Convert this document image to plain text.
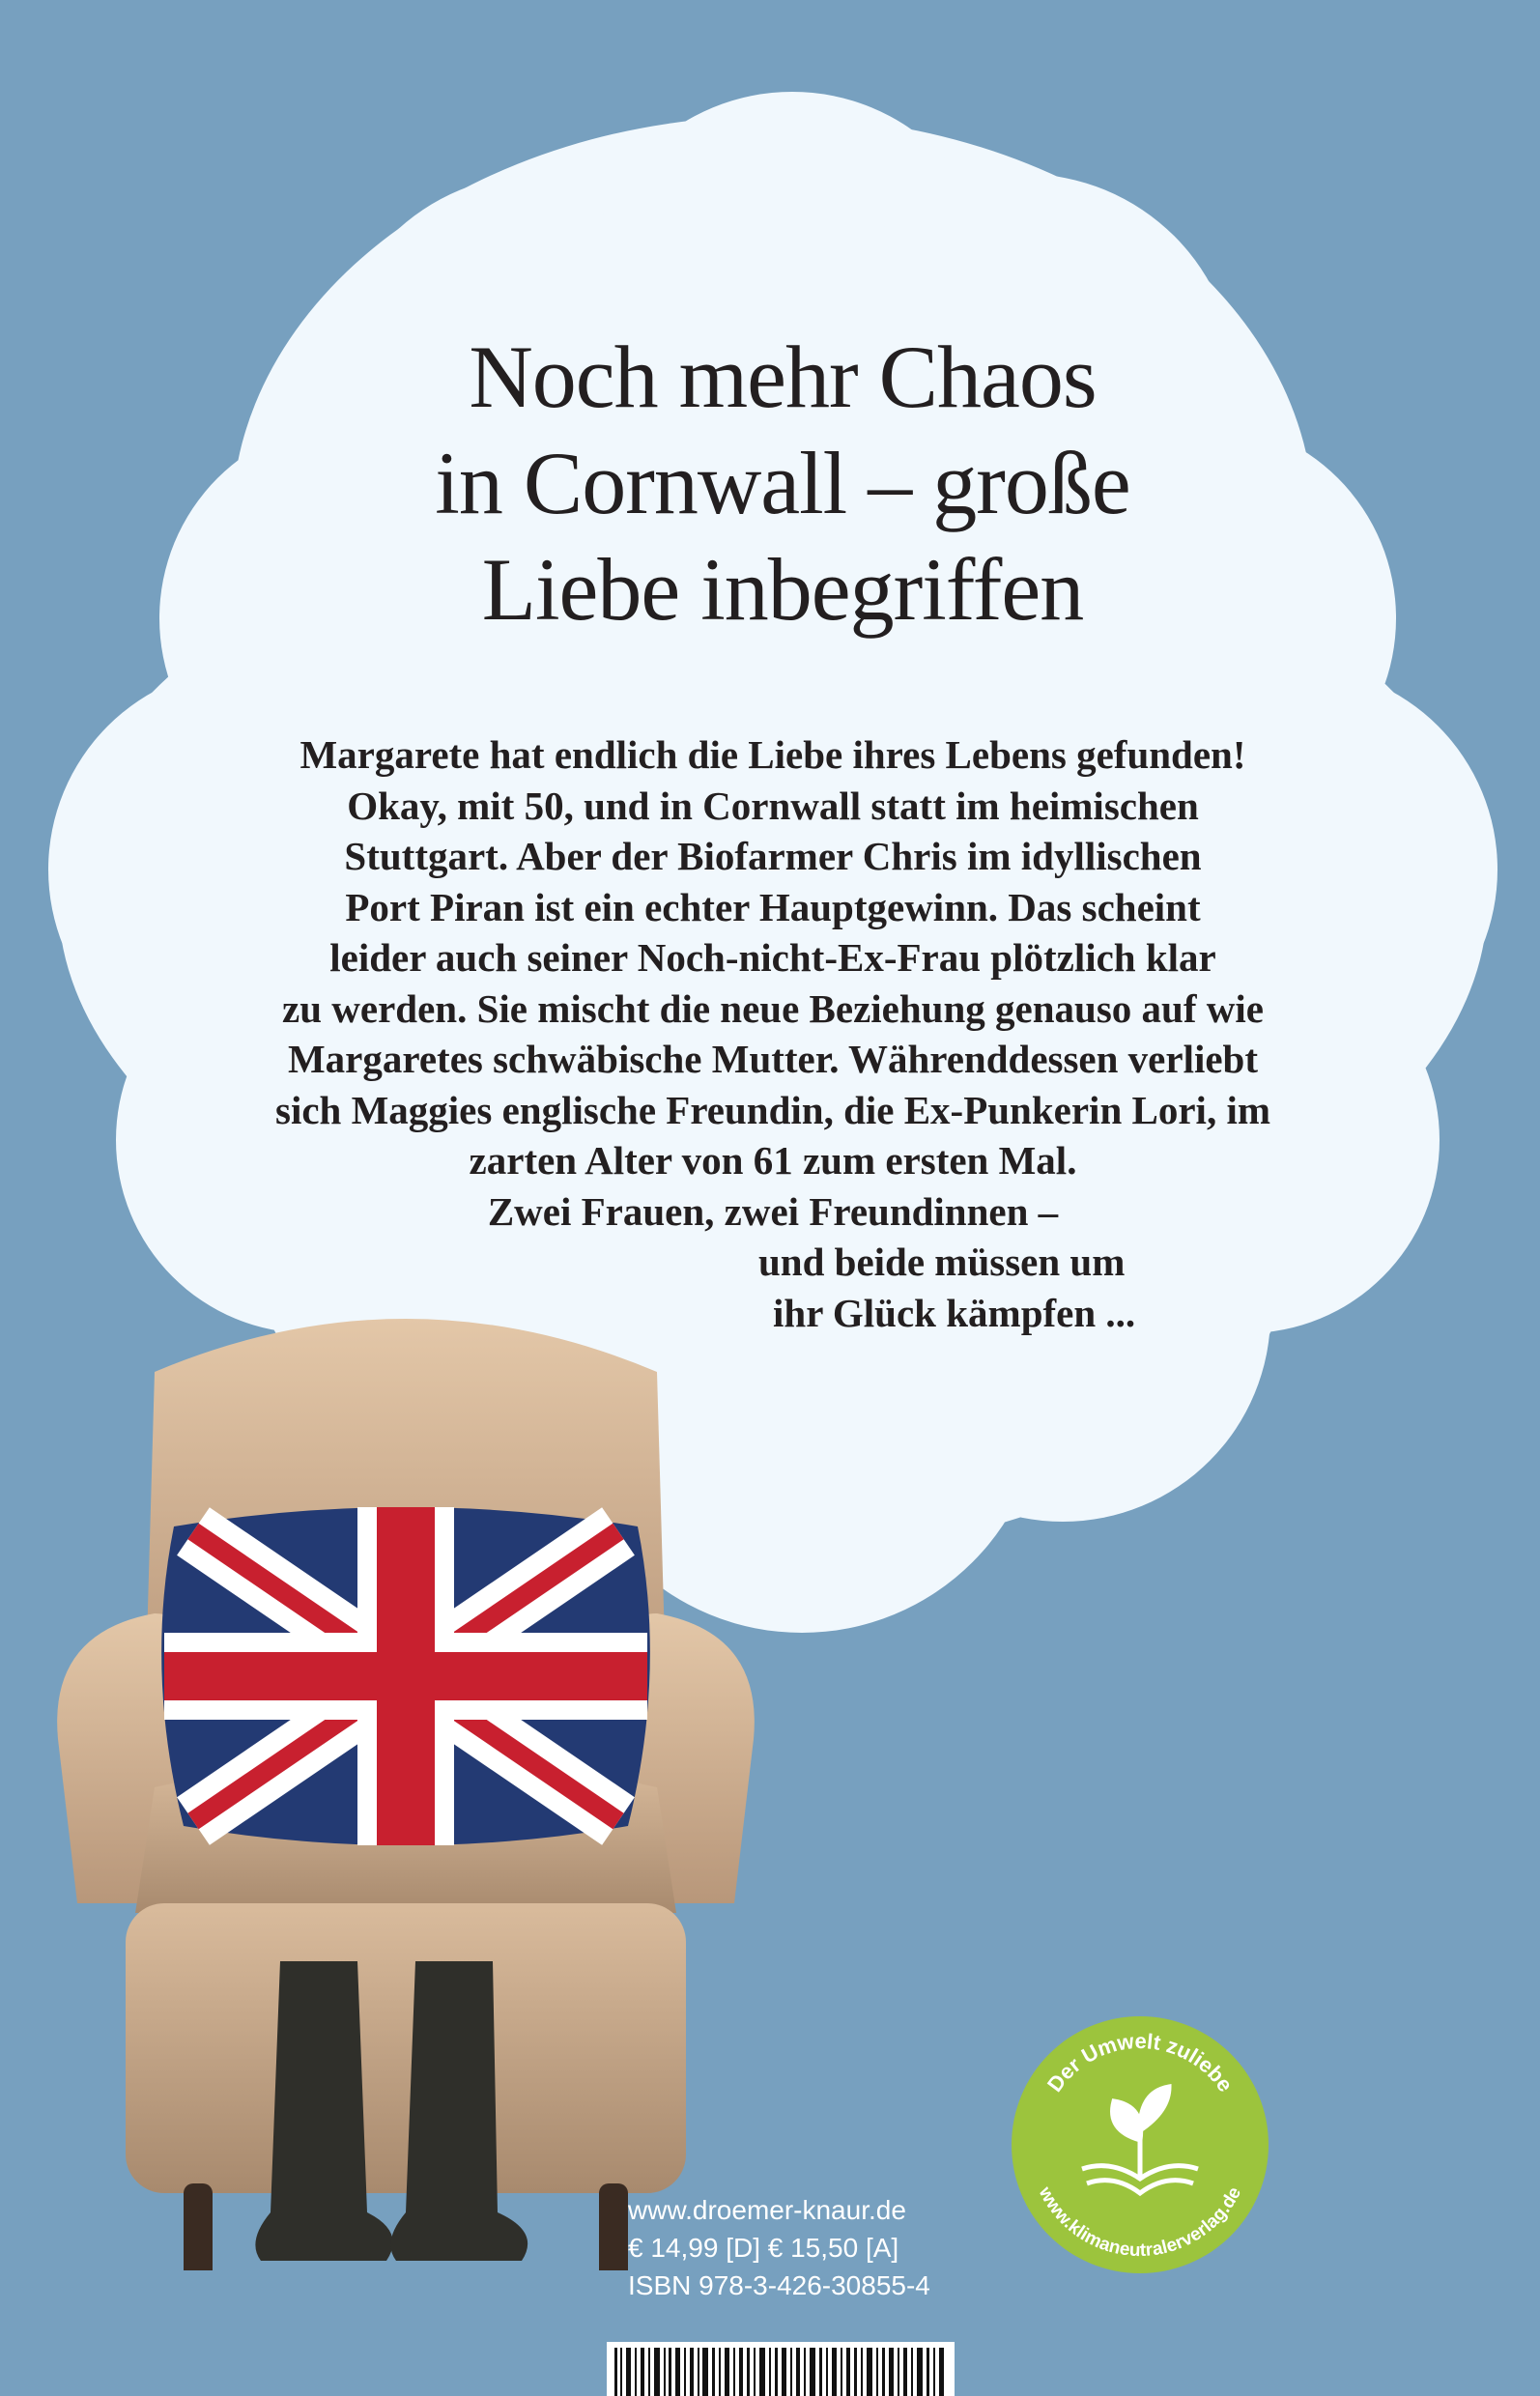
Noch mehr Chaos
in Cornwall – große
Liebe inbegriffen
Margarete hat endlich die Liebe ihres Lebens gefunden!
Okay, mit 50, und in Cornwall statt im heimischen
Stuttgart. Aber der Biofarmer Chris im idyllischen
Port Piran ist ein echter Hauptgewinn. Das scheint
leider auch seiner Noch-nicht-Ex-Frau plötzlich klar
zu werden. Sie mischt die neue Beziehung genauso auf wie
Margaretes schwäbische Mutter. Währenddessen verliebt
sich Maggies englische Freundin, die Ex-Punkerin Lori, im
zarten Alter von 61 zum ersten Mal.
Zwei Frauen, zwei Freundinnen –
und beide müssen um
ihr Glück kämpfen ...
Der Umwelt zuliebe
www.klimaneutralerverlag.de
www.droemer-knaur.de
€ 14,99 [D] € 15,50 [A]
ISBN 978-3-426-30855-4
